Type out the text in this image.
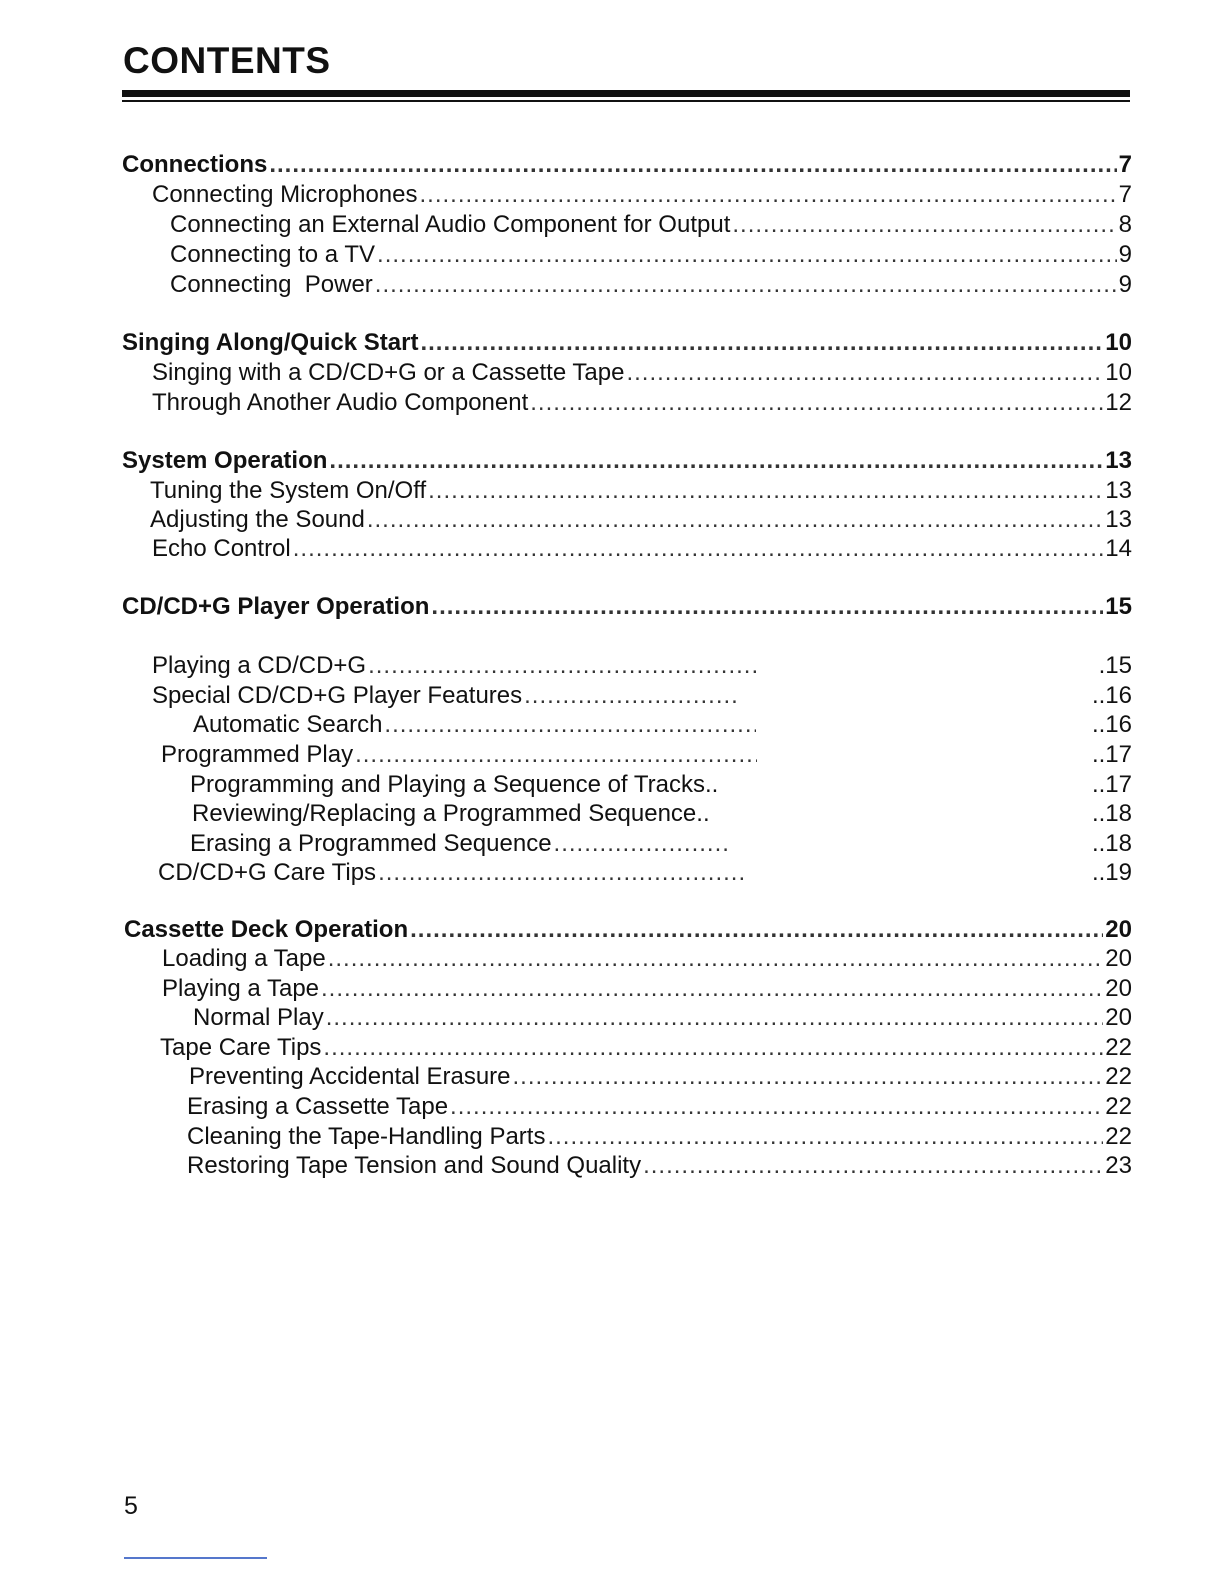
CONTENTS
Connections .....	7
Connecting Microphones .....	7
Connecting an External Audio Component for Output .....	8
Connecting to a TV .....	9
Connecting  Power .....	9
Singing Along/Quick Start .....	10
Singing with a CD/CD+G or a Cassette Tape .....	10
Through Another Audio Component .....	12
System Operation .....	13
Tuning the System On/Off .....	13
Adjusting the Sound .....	13
Echo Control .....	14
CD/CD+G Player Operation .....	15
Playing a CD/CD+G .....	.15
Special CD/CD+G Player Features .....	..16
Automatic Search .....	..16
Programmed Play .....	..17
Programming and Playing a Sequence of Tracks..	..17
Reviewing/Replacing a Programmed Sequence..	..18
Erasing a Programmed Sequence .....	..18
CD/CD+G Care Tips .....	..19
Cassette Deck Operation .....	20
Loading a Tape .....	20
Playing a Tape .....	20
Normal Play .....	20
Tape Care Tips .....	22
Preventing Accidental Erasure .....	22
Erasing a Cassette Tape .....	22
Cleaning the Tape-Handling Parts .....	22
Restoring Tape Tension and Sound Quality .....	23
5
